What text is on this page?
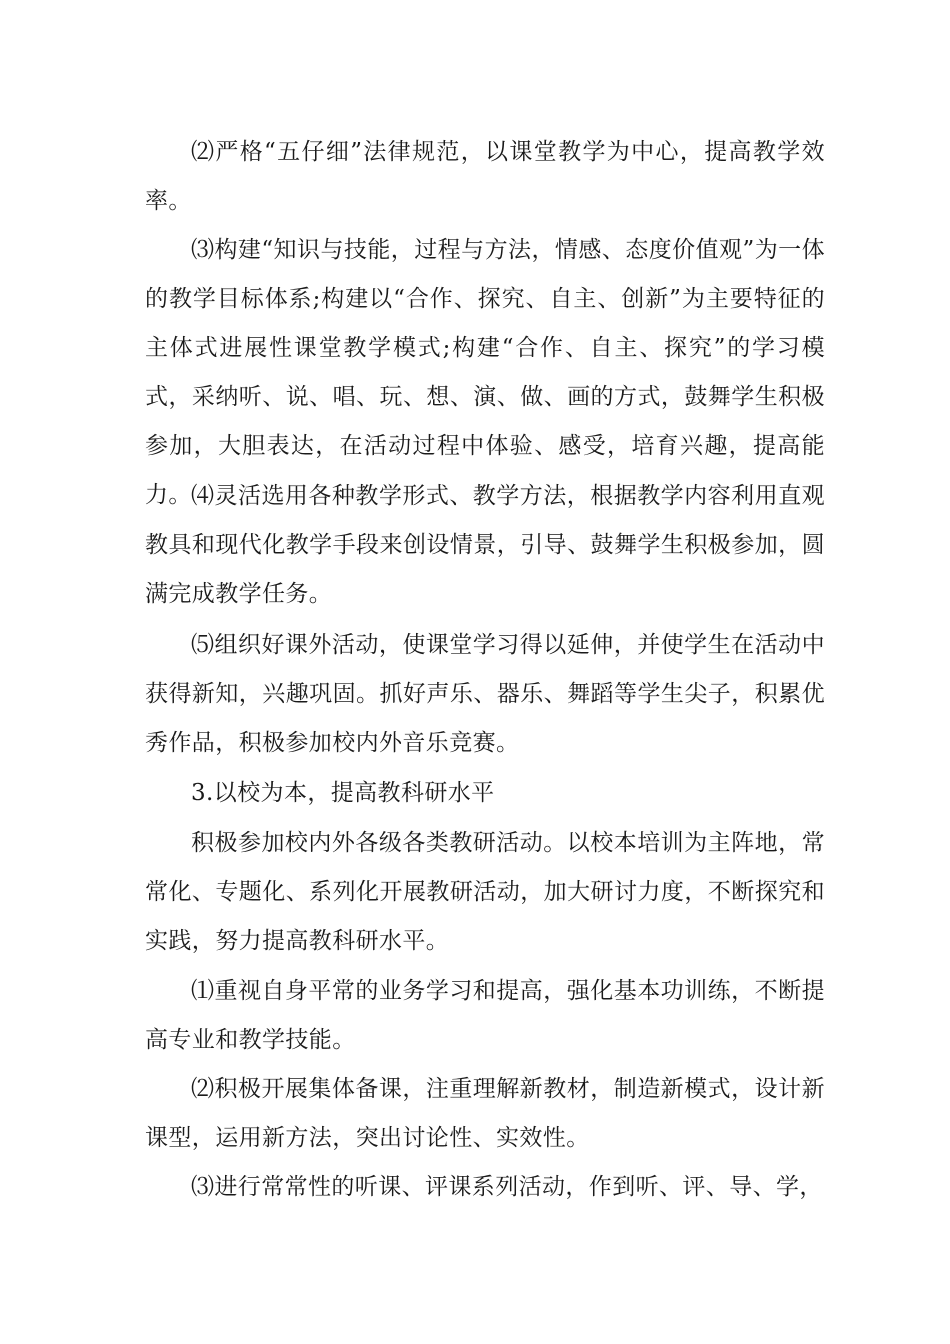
⑵严格“五仔细”法律规范，以课堂教学为中心，提高教学效率。

⑶构建“知识与技能，过程与方法，情感、态度价值观”为一体的教学目标体系;构建以“合作、探究、自主、创新”为主要特征的主体式进展性课堂教学模式;构建“合作、自主、探究”的学习模式，采纳听、说、唱、玩、想、演、做、画的方式，鼓舞学生积极参加，大胆表达，在活动过程中体验、感受，培育兴趣，提高能力。 ⑷灵活选用各种教学形式、教学方法，根据教学内容利用直观教具和现代化教学手段来创设情景，引导、鼓舞学生积极参加，圆满完成教学任务。

⑸组织好课外活动，使课堂学习得以延伸，并使学生在活动中获得新知，兴趣巩固。抓好声乐、器乐、舞蹈等学生尖子，积累优秀作品，积极参加校内外音乐竞赛。

3.以校为本，提高教科研水平

积极参加校内外各级各类教研活动。以校本培训为主阵地，常常化、专题化、系列化开展教研活动，加大研讨力度，不断探究和实践，努力提高教科研水平。

⑴重视自身平常的业务学习和提高，强化基本功训练，不断提高专业和教学技能。

⑵积极开展集体备课，注重理解新教材，制造新模式，设计新课型，运用新方法，突出讨论性、实效性。

⑶进行常常性的听课、评课系列活动，作到听、评、导、学，
